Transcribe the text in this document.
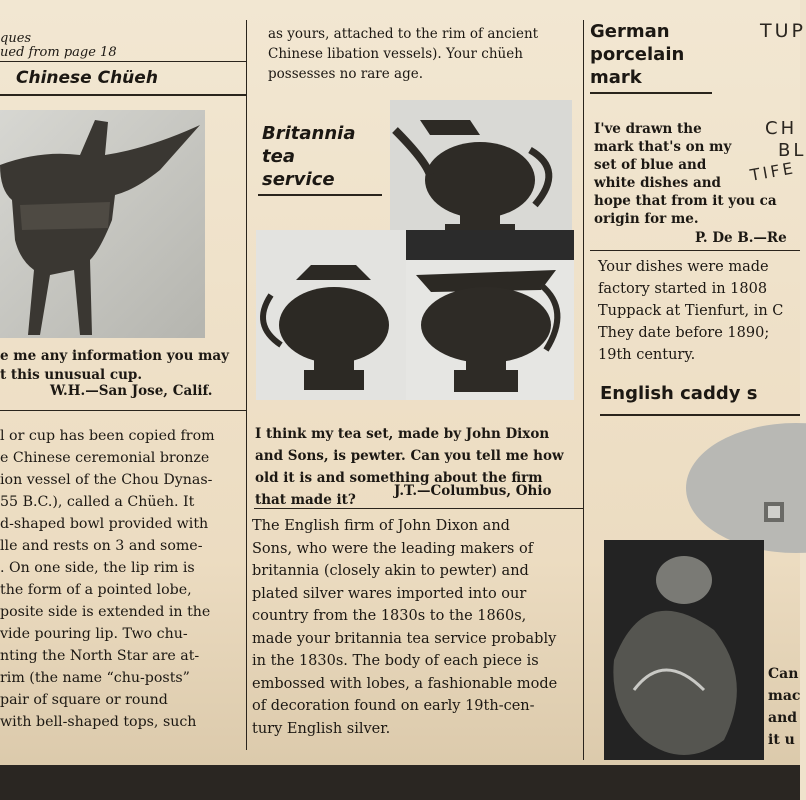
ques
ued from page 18
Chinese Chüeh
e me any information you may
t this unusual cup.
W.H.—San Jose, Calif.
l or cup has been copied from
e Chinese ceremonial bronze
ion vessel of the Chou Dynas-
55 B.C.), called a Chüeh. It
d-shaped bowl provided with
lle and rests on 3 and some-
. On one side, the lip rim is
the form of a pointed lobe,
posite side is extended in the
vide pouring lip. Two chu-
nting the North Star are at-
rim (the name “chu-posts”
pair of square or round
with bell-shaped tops, such
as yours, attached to the rim of ancient
Chinese libation vessels). Your chüeh
possesses no rare age.
Britannia
tea
service
I think my tea set, made by John Dixon
and Sons, is pewter. Can you tell me how
old it is and something about the firm
that made it?
J.T.—Columbus, Ohio
The English firm of John Dixon and
Sons, who were the leading makers of
britannia (closely akin to pewter) and
plated silver wares imported into our
country from the 1830s to the 1860s,
made your britannia tea service probably
in the 1830s. The body of each piece is
embossed with lobes, a fashionable mode
of decoration found on early 19th-cen-
tury English silver.
German
porcelain
mark
TUP
CH
BL
TIFE
I've drawn the
mark that's on my
set of blue and
white dishes and
hope that from it you ca
origin for me.
P. De B.—Re
Your dishes were made
factory started in 1808
Tuppack at Tienfurt, in C
They date before 1890;
19th century.
English caddy s
Can
mac
and
it u
